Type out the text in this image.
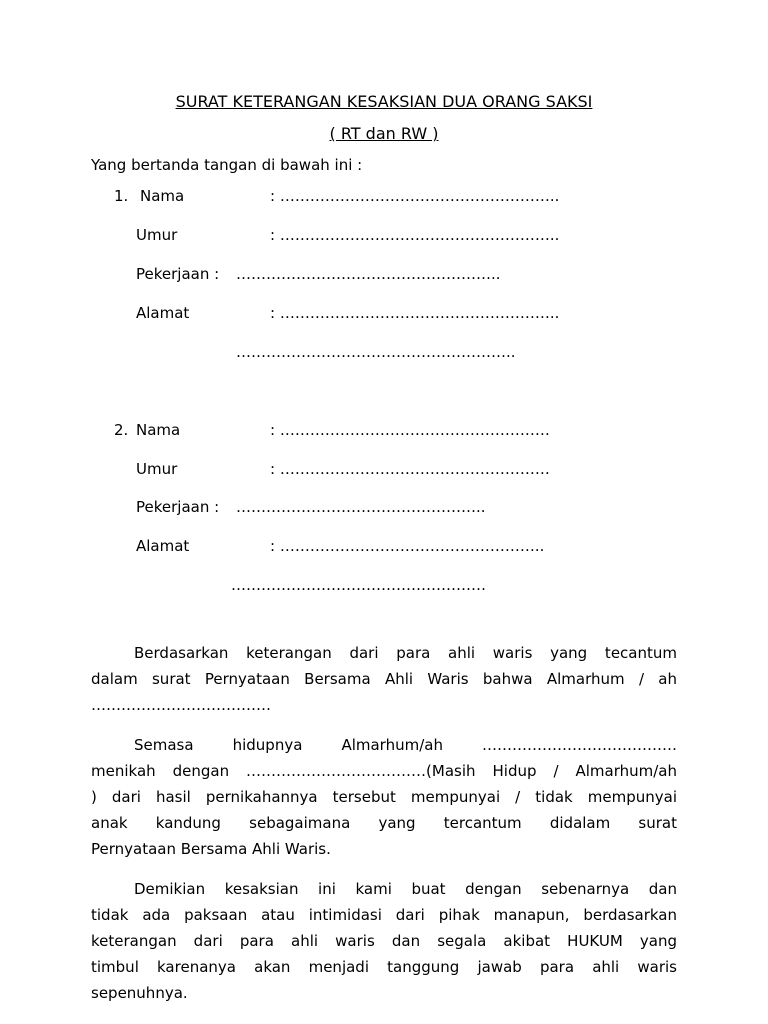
SURAT KETERANGAN KESAKSIAN DUA ORANG SAKSI
( RT dan RW )
Yang bertanda tangan di bawah ini :
1. Nama	: ………………………………………………..
Umur	: ………………………………………………..
Pekerjaan : ……………………………………………..
Alamat	: ………………………………………………..
………………………………………………..
2. Nama	: ………………………………………………
Umur	: ………………………………………………
Pekerjaan : …………………………………………..
Alamat	: ……………………………………………..
……………………………………………
Berdasarkan keterangan dari para ahli waris yang tecantum
dalam surat Pernyataan Bersama Ahli Waris bahwa Almarhum / ah
………………………………
Semasa hidupnya Almarhum/ah …………………………………
menikah dengan ………………………………(Masih Hidup / Almarhum/ah
) dari hasil pernikahannya tersebut mempunyai / tidak mempunyai
anak kandung sebagaimana yang tercantum didalam surat
Pernyataan Bersama Ahli Waris.
Demikian kesaksian ini kami buat dengan sebenarnya dan
tidak ada paksaan atau intimidasi dari pihak manapun, berdasarkan
keterangan dari para ahli waris dan segala akibat HUKUM yang
timbul karenanya akan menjadi tanggung jawab para ahli waris
sepenuhnya.
